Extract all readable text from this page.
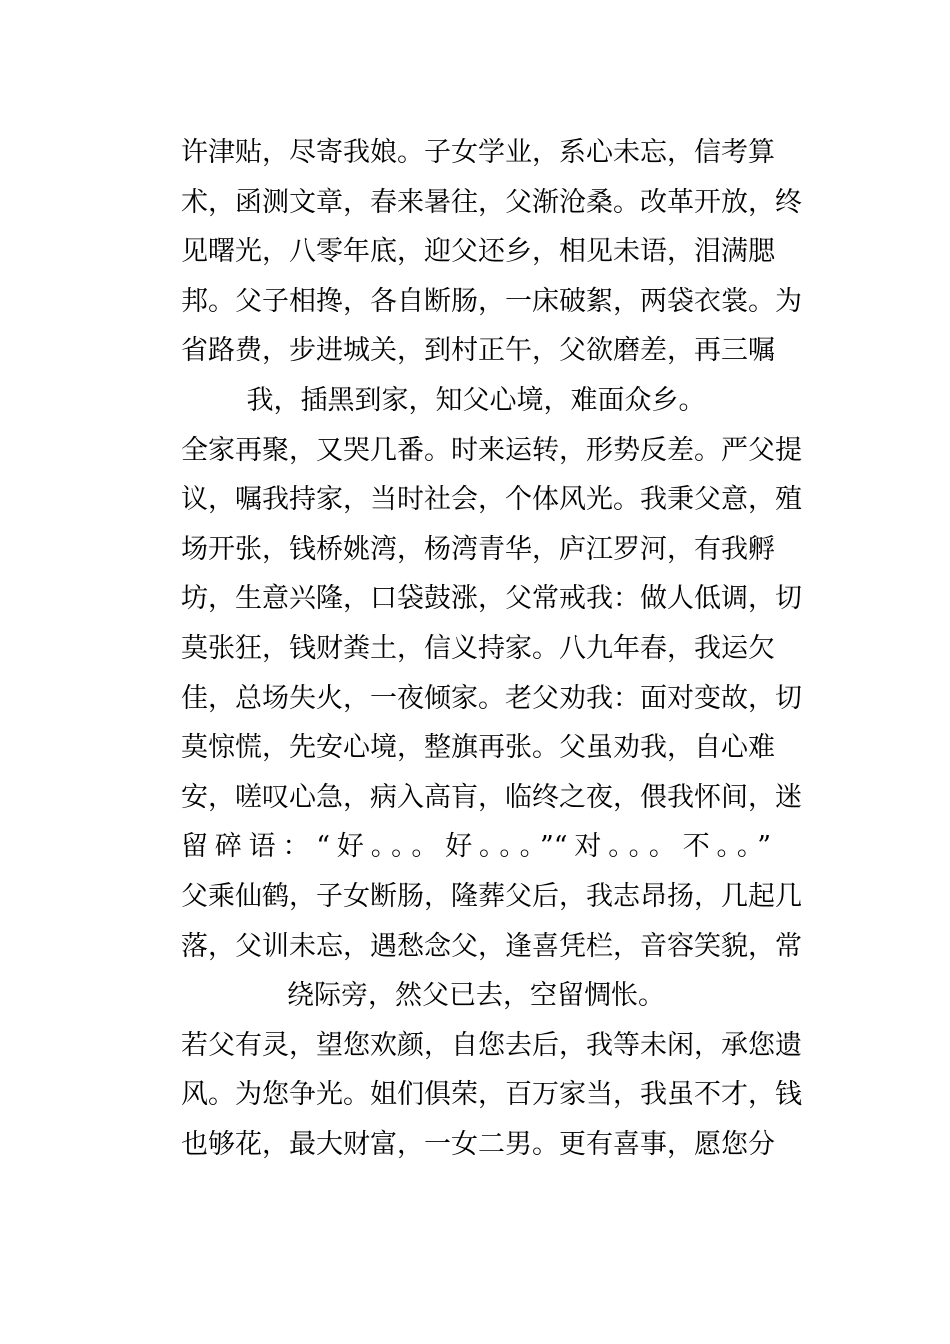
许津贴，尽寄我娘。子女学业，系心未忘，信考算
术，函测文章，春来暑往，父渐沧桑。改革开放，终
见曙光，八零年底，迎父还乡，相见未语，泪满腮
邦。父子相搀，各自断肠，一床破絮，两袋衣裳。为
省路费，步进城关，到村正午，父欲磨差，再三嘱
我，插黑到家，知父心境，难面众乡。
全家再聚，又哭几番。时来运转，形势反差。严父提
议，嘱我持家，当时社会，个体风光。我秉父意，殖
场开张，钱桥姚湾，杨湾青华，庐江罗河，有我孵
坊，生意兴隆，口袋鼓涨，父常戒我：做人低调，切
莫张狂，钱财粪土，信义持家。八九年春，我运欠
佳，总场失火，一夜倾家。老父劝我：面对变故，切
莫惊慌，先安心境，整旗再张。父虽劝我，自心难
安，嗟叹心急，病入高肓，临终之夜，偎我怀间，迷
留碎语：“好。。。好。。。”“对。。。不。。”
父乘仙鹤，子女断肠，隆葬父后，我志昂扬，几起几
落，父训未忘，遇愁念父，逢喜凭栏，音容笑貌，常
绕际旁，然父已去，空留惆怅。
若父有灵，望您欢颜，自您去后，我等未闲，承您遗
风。为您争光。姐们俱荣，百万家当，我虽不才，钱
也够花，最大财富，一女二男。更有喜事，愿您分
